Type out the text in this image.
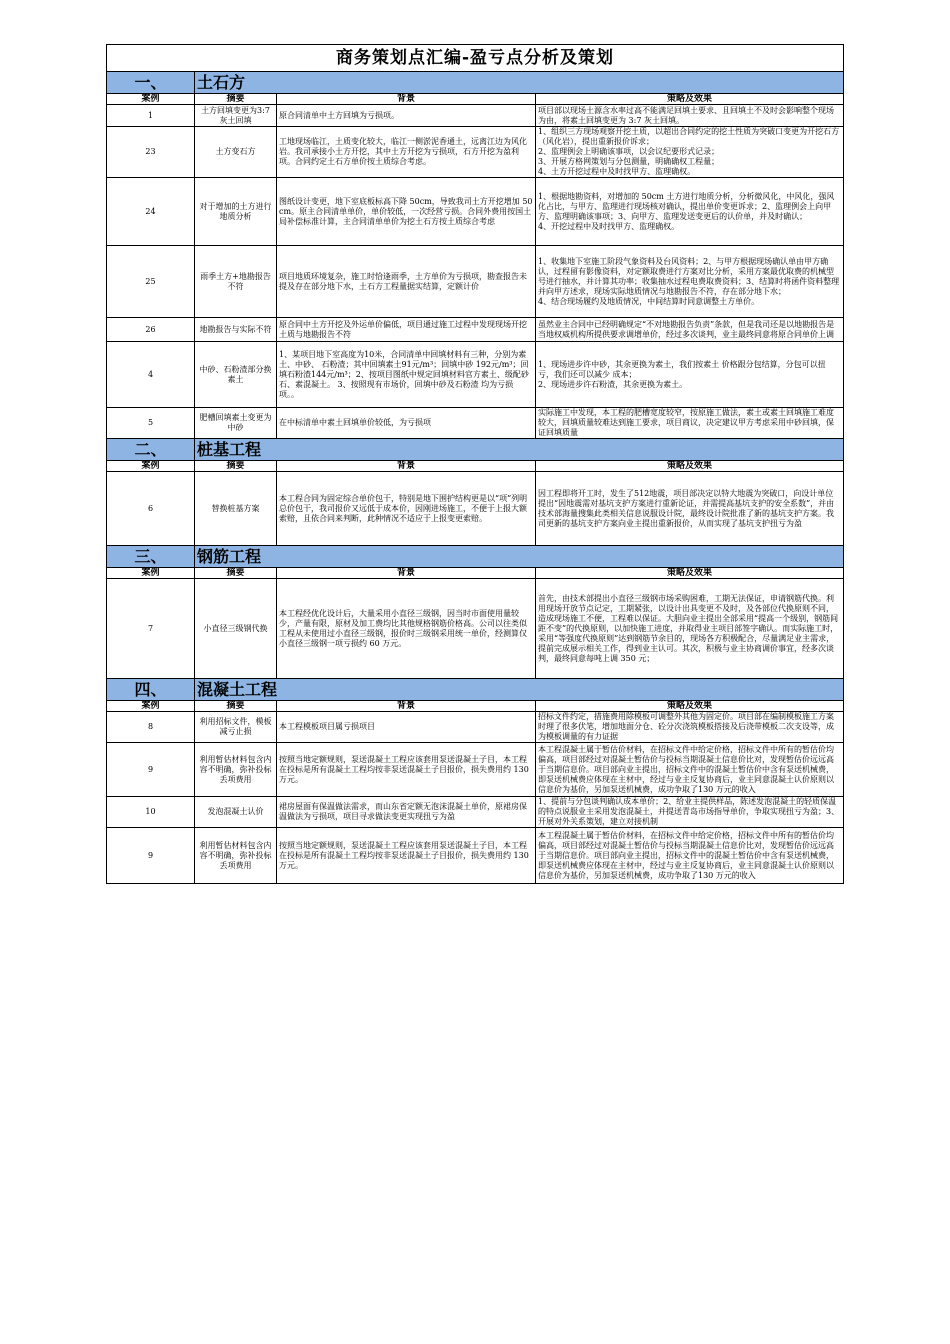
商务策划点汇编-盈亏点分析及策划			
一、	土石方		
案例	摘要	背景	策略及效果
1	土方回填变更为3:7 灰土回填	原合同清单中土方回填为亏损项。	项目部以现场土源含水率过高不能满足回填土要求、且回填土不及时会影响整个现场为由，将素土回填变更为 3:7 灰土回填。
23	土方变石方	工地现场临江，土质变化较大，临江一侧淤泥香通土，远离江边为风化岩。我司承接小土方开挖，其中土方开挖为亏损项，石方开挖为盈利项。合同约定土石方单价按土质综合考虑。	1、组织三方现场观察开挖土质，以超出合同约定的挖土性质为突破口变更为开挖石方（风化岩），提出重新报价诉求；
2、监理例会上明确该事项，以会议纪要形式记录；
3、开展方格网策划与分包测量，明确确权工程量；
4、土方开挖过程中及时找甲方、监理确权。
24	对于增加的土方进行地质分析	图纸设计变更，地下室底板标高下降 50cm，导致我司土方开挖增加 50cm。原主合同清单单价，单价较低，一次经营亏损。合同外费用按国土局补偿标准计算，主合同清单单价为挖土石方按土质综合考虑	1、根据地勘资料，对增加的 50cm 土方进行地质分析，分析微风化，中风化，强风化占比，与甲方、监理进行现场核对确认，提出单价变更诉求；2、监理例会上向甲方、监理明确该事项；3、向甲方、监理发送变更后的认价单，并及时确认；
4、开挖过程中及时找甲方、监理确权。
25	雨季土方+地勘报告不符	项目地质环境复杂，施工时恰逢雨季，土方单价为亏损项，勘查报告未提及存在部分地下水，土石方工程量据实结算，定额计价	1、收集地下室施工阶段气象资料及台风资料；2、与甲方根据现场确认单由甲方确认，过程留有影像资料，对定额取费进行方案对比分析，采用方案最优取费的机械型号进行抽水，并计算其功率；收集抽水过程电费取费资料；3、结算时将函件资料整理并向甲方述求，现场实际地质情况与地勘报告不符，存在部分地下水；
4、结合现场履约及地质情况，中间结算时同意调整土方单价。
26	地勘报告与实际不符	原合同中土方开挖及外运单价偏低，项目通过施工过程中发现现场开挖土质与地勘报告不符	虽然业主合同中已经明确规定“不对地勘报告负责”条款，但是我司还是以地勘报告是当地权威机构所提供要求调增单价，经过多次谈判，业主最终同意将原合同单价上调
4	中砂、石粉渣部分换素土	1、某项目地下室高度为10米，合同清单中回填材料有三种，分别为素土、中砂、 石粉渣；其中回填素土91元/m³；回填中砂 192元/m³；回填石粉渣144元/m³；2、按项目图纸中规定回填材料官方素土、级配砂石、素混凝土。 3、按照现有市场价，回填中砂及石粉渣 均为亏损项。。	1、现场进步许中砂，其余更换为素土，我们按素土 价格跟分包结算，分包可以扭亏，我们还可以减少 成本；
2、现场进步许石粉渣，其余更换为素土。
5	肥槽回填素土变更为中砂	在中标清单中素土回填单价较低，为亏损项	实际施工中发现，本工程的肥槽宽度较窄，按原施工做法，素土或素土回填施工难度较大，回填质量较难达到施工要求，项目商议，决定建议甲方考虑采用中砂回填，保证回填质量
二、	桩基工程		
案例	摘要	背景	策略及效果
6	替换桩基方案	本工程合同为固定综合单价包干，特别是地下围护结构更是以“项”列明总价包干，我司报价又远低于成本价，因刚进场施工，不便于上报大额索赔，且依合同来判断，此种情况不适应于上报变更索赔。	因工程即将开工时，发生了512地震，项目部决定以特大地震为突破口，向设计单位提出“因地震需对基坑支护方案进行重新论证，并需提高基坑支护的安全系数”，并由技术部海量搜集此类相关信息说服设计院，最终设计院批准了新的基坑支护方案。我司更新的基坑支护方案向业主提出重新报价，从而实现了基坑支护扭亏为盈
三、	钢筋工程		
案例	摘要	背景	策略及效果
7	小直径三级钢代换	本工程经优化设计后，大量采用小直径三级钢，因当时市面使用量较少，产量有限，原材及加工费均比其他规格钢筋价格高。公司以往类似工程从未使用过小直径三级钢，报价时三级钢采用统一单价，经测算仅小直径三级钢一项亏损约 60 万元。	首先，由技术部提出小直径三级钢市场采购困难，工期无法保证，申请钢筋代换。利用现场开放节点记定，工期紧张，以设计出具变更不及时，及各部位代换原则不同，造成现场施工不便，工程难以保证。大胆向业主提出全部采用“提高一个级别，钢筋间距不变”的代换原则，以加快施工进度，并取得业主项目部签字确认。而实际施工时，采用“等强度代换原则”达到钢筋节余目的，现场各方积极配合，尽量满足业主需求，提前完成展示相关工作，得到业主认可。其次，积极与业主协商调价事宜，经多次谈判，最终同意每吨上调 350 元；
四、	混凝土工程		
案例	摘要	背景	策略及效果
8	利用招标文件，模板减亏止损	本工程模板项目属亏损项目	招标文件约定，措施费用除模板可调整外其他为固定价。项目部在编制模板施工方案时理了很多伏笔，增加地面分仓、砼分次浇筑模板搭接及后浇带模板二次支设等，成为模板调量的有力证据
9	利用暂估材料包含内容不明确，弥补投标丢项费用	按照当地定额规则，泵送混凝土工程应该套用泵送混凝土子目，本工程在投标是所有混凝土工程均按非泵送混凝土子目报价，损失费用约 130 万元。	本工程混凝土属于暂估价材料，在招标文件中给定价格，招标文件中所有的暂估价均偏高，项目部经过对混凝土暂估价与投标当期混凝土信息价比对，发现暂估价远远高于当期信息价。项目部向业主提出，招标文件中的混凝土暂估价中含有泵送机械费，即泵送机械费应体现在主材中，经过与业主反复协商后，业主同意混凝土认价原则以信息价为基价，另加泵送机械费，成功争取了130 万元的收入
10	发泡混凝土认价	裙房屋面有保温做法需求，而山东省定额无泡沫混凝土单价，原裙房保温做法为亏损项，项目寻求做法变更实现扭亏为盈	1、提前与分包谈判确认成本单价；2、给业主提供样品，陈述发泡混凝土的轻质保温的特点说服业主采用发泡混凝土，并提送青岛市场指导单价，争取实现扭亏为盈；3、开展对外关系策划，建立对接机制
9	利用暂估材料包含内容不明确，弥补投标丢项费用	按照当地定额规则，泵送混凝土工程应该套用泵送混凝土子目，本工程在投标是所有混凝土工程均按非泵送混凝土子目报价，损失费用约 130 万元。	本工程混凝土属于暂估价材料，在招标文件中给定价格，招标文件中所有的暂估价均偏高，项目部经过对混凝土暂估价与投标当期混凝土信息价比对，发现暂估价远远高于当期信息价。项目部向业主提出，招标文件中的混凝土暂估价中含有泵送机械费，即泵送机械费应体现在主材中，经过与业主反复协商后，业主同意混凝土认价原则以信息价为基价，另加泵送机械费，成功争取了130 万元的收入
